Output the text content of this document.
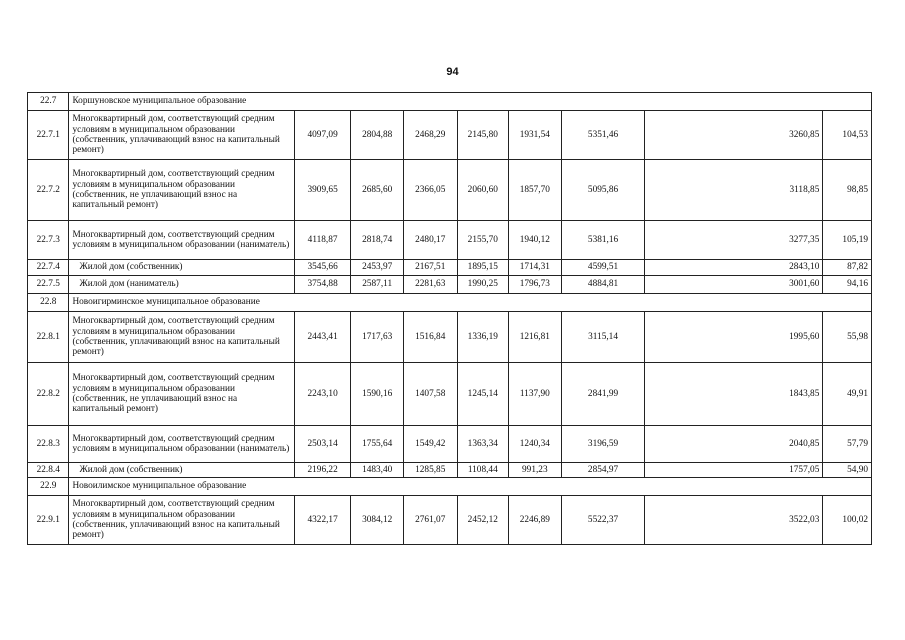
94
22.7	Коршуновское муниципальное образование								
22.7.1	Многоквартирный дом, соответствующий средним условиям в муниципальном образовании (собственник, уплачивающий взнос на капитальный ремонт)	4097,09	2804,88	2468,29	2145,80	1931,54	5351,46	3260,85	104,53
22.7.2	Многоквартирный дом, соответствующий средним условиям в муниципальном образовании (собственник, не уплачивающий взнос на капитальный ремонт)	3909,65	2685,60	2366,05	2060,60	1857,70	5095,86	3118,85	98,85
22.7.3	Многоквартирный дом, соответствующий средним условиям в муниципальном образовании (наниматель)	4118,87	2818,74	2480,17	2155,70	1940,12	5381,16	3277,35	105,19
22.7.4	Жилой дом (собственник)	3545,66	2453,97	2167,51	1895,15	1714,31	4599,51	2843,10	87,82
22.7.5	Жилой дом (наниматель)	3754,88	2587,11	2281,63	1990,25	1796,73	4884,81	3001,60	94,16
22.8	Новоигирминское муниципальное образование								
22.8.1	Многоквартирный дом, соответствующий средним условиям в муниципальном образовании (собственник, уплачивающий взнос на капитальный ремонт)	2443,41	1717,63	1516,84	1336,19	1216,81	3115,14	1995,60	55,98
22.8.2	Многоквартирный дом, соответствующий средним условиям в муниципальном образовании (собственник, не уплачивающий взнос на капитальный ремонт)	2243,10	1590,16	1407,58	1245,14	1137,90	2841,99	1843,85	49,91
22.8.3	Многоквартирный дом, соответствующий средним условиям в муниципальном образовании (наниматель)	2503,14	1755,64	1549,42	1363,34	1240,34	3196,59	2040,85	57,79
22.8.4	Жилой дом (собственник)	2196,22	1483,40	1285,85	1108,44	991,23	2854,97	1757,05	54,90
22.9	Новоилимское муниципальное образование								
22.9.1	Многоквартирный дом, соответствующий средним условиям в муниципальном образовании (собственник, уплачивающий взнос на капитальный ремонт)	4322,17	3084,12	2761,07	2452,12	2246,89	5522,37	3522,03	100,02
